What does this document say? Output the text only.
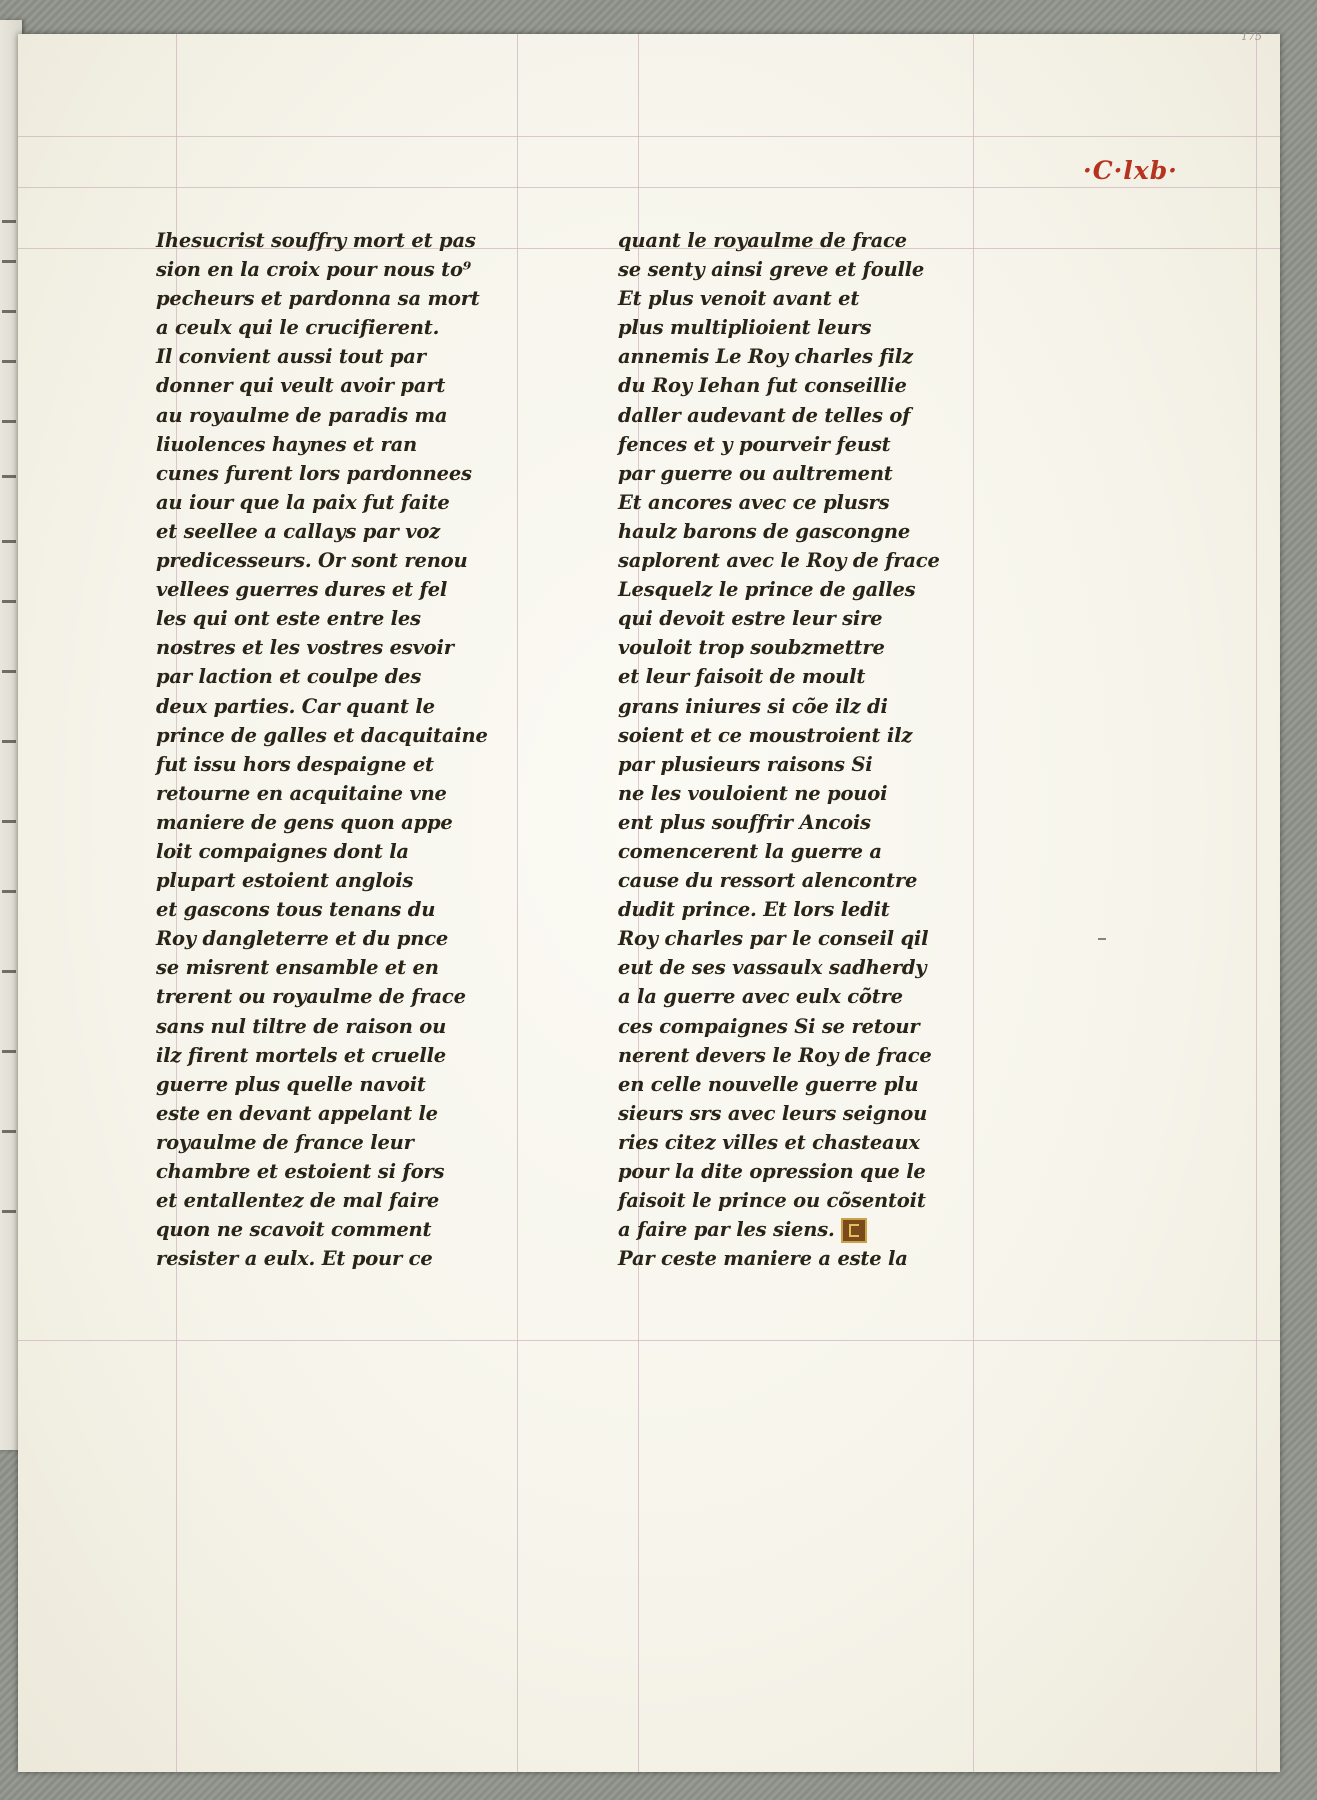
175
·C·lxb·
Ihesucrist souffry mort et pas
sion en la croix pour nous to⁹
pecheurs et pardonna sa mort
a ceulx qui le crucifierent.
Il convient aussi tout par
donner qui veult avoir part
au royaulme de paradis ma
liuolences haynes et ran
cunes furent lors pardonnees
au iour que la paix fut faite
et seellee a callays par voz
predicesseurs. Or sont renou
vellees guerres dures et fel
les qui ont este entre les
nostres et les vostres esvoir
par laction et coulpe des
deux parties. Car quant le
prince de galles et dacquitaine
fut issu hors despaigne et
retourne en acquitaine vne
maniere de gens quon appe
loit compaignes dont la
plupart estoient anglois
et gascons tous tenans du
Roy dangleterre et du pnce
se misrent ensamble et en
trerent ou royaulme de frace
sans nul tiltre de raison ou
ilz firent mortels et cruelle
guerre plus quelle navoit
este en devant appelant le
royaulme de france leur
chambre et estoient si fors
et entallentez de mal faire
quon ne scavoit comment
resister a eulx. Et pour ce
quant le royaulme de frace
se senty ainsi greve et foulle
Et plus venoit avant et
plus multiplioient leurs
annemis Le Roy charles filz
du Roy Iehan fut conseillie
daller audevant de telles of
fences et y pourveir feust
par guerre ou aultrement
Et ancores avec ce plusrs
haulz barons de gascongne
saplorent avec le Roy de frace
Lesquelz le prince de galles
qui devoit estre leur sire
vouloit trop soubzmettre
et leur faisoit de moult
grans iniures si cõe ilz di
soient et ce moustroient ilz
par plusieurs raisons Si
ne les vouloient ne pouoi
ent plus souffrir Ancois
comencerent la guerre a
cause du ressort alencontre
dudit prince. Et lors ledit
Roy charles par le conseil qil
eut de ses vassaulx sadherdy
a la guerre avec eulx cõtre
ces compaignes Si se retour
nerent devers le Roy de frace
en celle nouvelle guerre plu
sieurs srs avec leurs seignou
ries citez villes et chasteaux
pour la dite opression que le
faisoit le prince ou cõsentoit
a faire par les siens.
Par ceste maniere a este la
